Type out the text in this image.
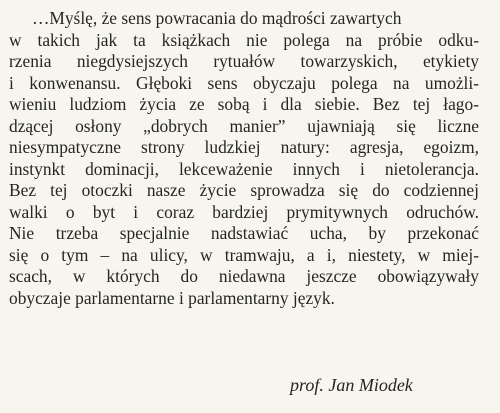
…Myślę, że sens powracania do mądrości zawartych
w takich jak ta książkach nie polega na próbie odku-
rzenia niegdysiejszych rytuałów towarzyskich, etykiety
i konwenansu. Głęboki sens obyczaju polega na umożli-
wieniu ludziom życia ze sobą i dla siebie. Bez tej łago-
dzącej osłony „dobrych manier” ujawniają się liczne
niesympatyczne strony ludzkiej natury: agresja, egoizm,
instynkt dominacji, lekceważenie innych i nietolerancja.
Bez tej otoczki nasze życie sprowadza się do codziennej
walki o byt i coraz bardziej prymitywnych odruchów.
Nie trzeba specjalnie nadstawiać ucha, by przekonać
się o tym – na ulicy, w tramwaju, a i, niestety, w miej-
scach, w których do niedawna jeszcze obowiązywały
obyczaje parlamentarne i parlamentarny język.
prof. Jan Miodek
